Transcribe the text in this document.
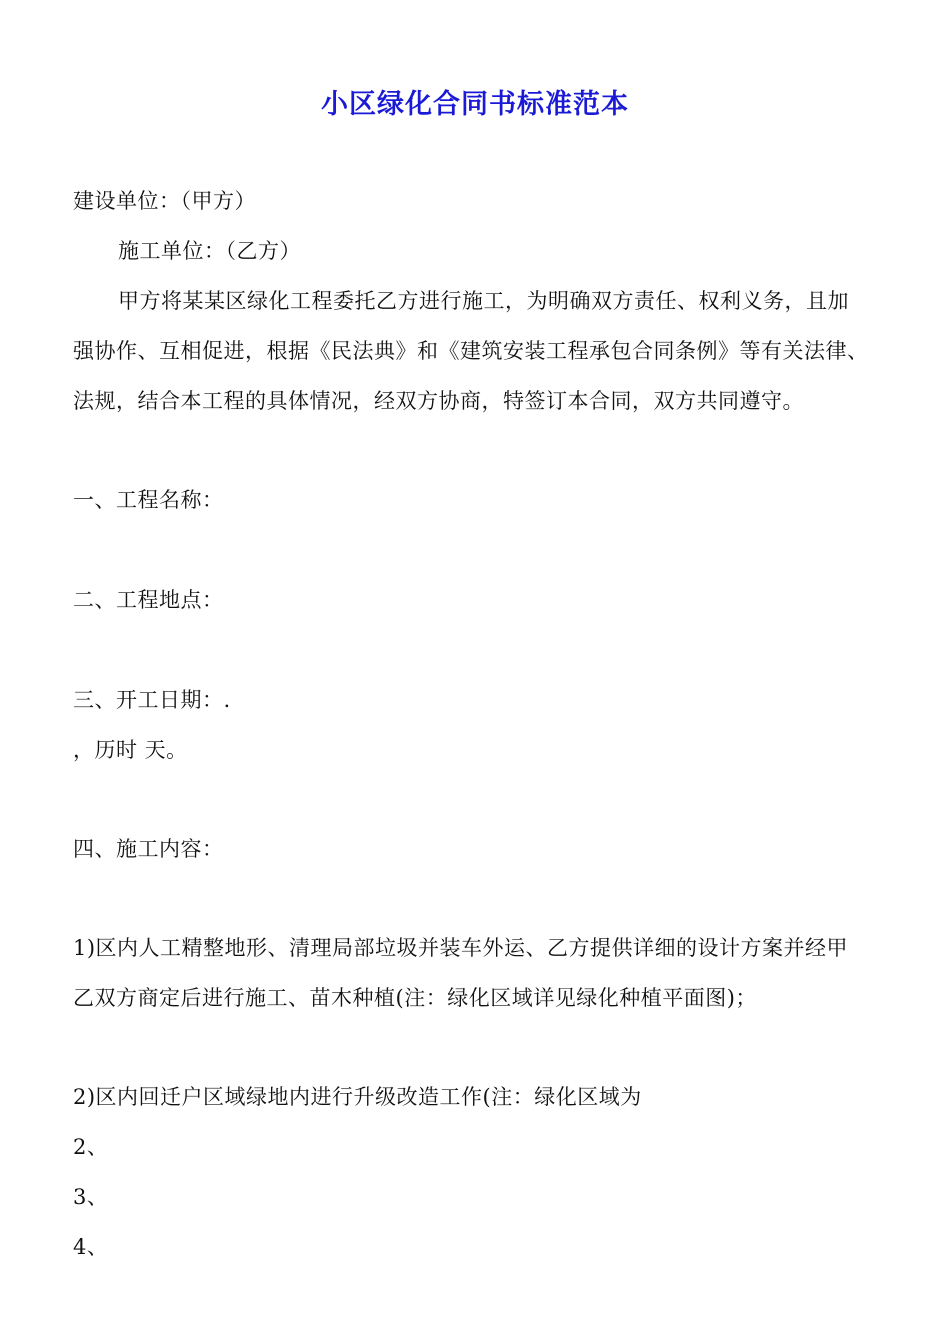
小区绿化合同书标准范本
建设单位：（甲方）
施工单位：（乙方）
甲方将某某区绿化工程委托乙方进行施工，为明确双方责任、权利义务，且加
强协作、互相促进，根据《民法典》和《建筑安装工程承包合同条例》等有关法律、
法规，结合本工程的具体情况，经双方协商，特签订本合同，双方共同遵守。
一、工程名称：
二、工程地点：
三、开工日期：.
，历时 天。
四、施工内容：
1)区内人工精整地形、清理局部垃圾并装车外运、乙方提供详细的设计方案并经甲
乙双方商定后进行施工、苗木种植(注：绿化区域详见绿化种植平面图)；
2)区内回迁户区域绿地内进行升级改造工作(注：绿化区域为
2、
3、
4、
